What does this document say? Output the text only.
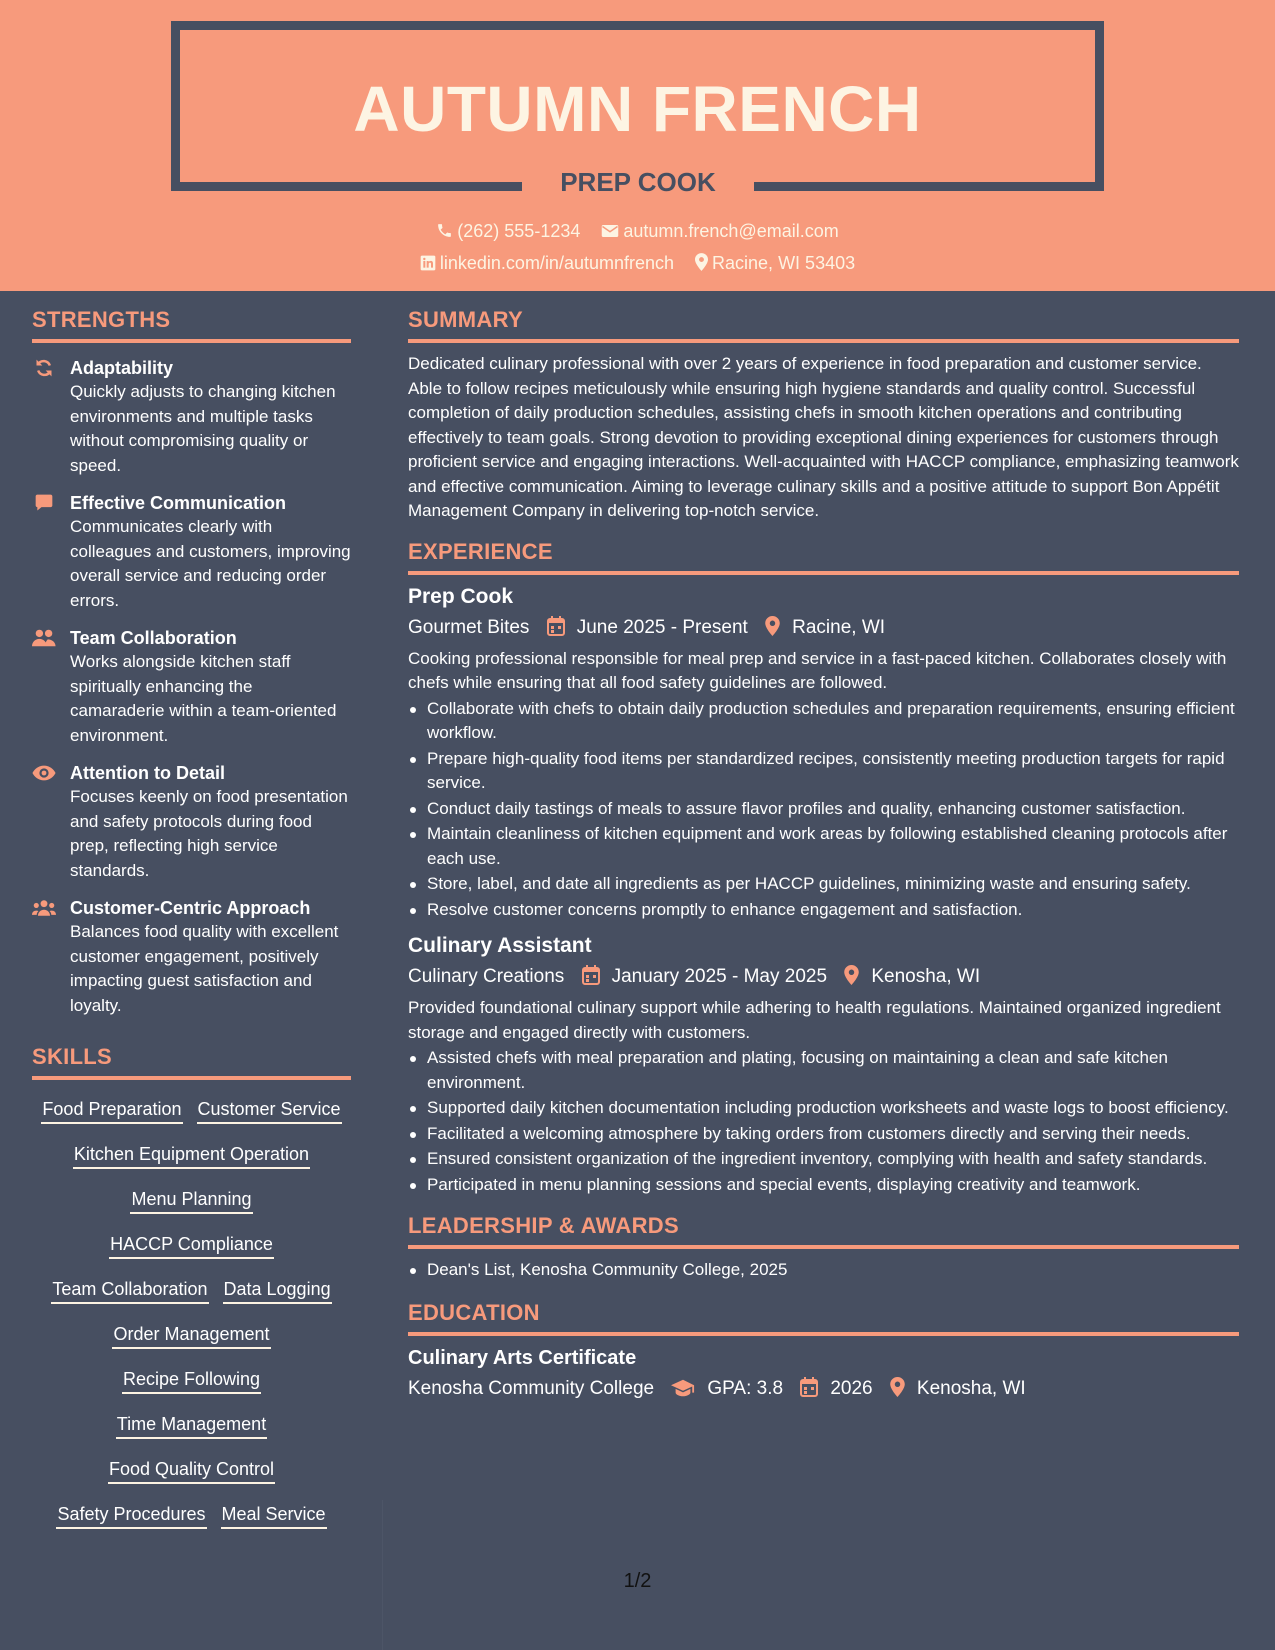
AUTUMN FRENCH
PREP COOK
(262) 555-1234 autumn.french@email.com
linkedin.com/in/autumnfrench Racine, WI 53403
STRENGTHS
Adaptability
Quickly adjusts to changing kitchen environments and multiple tasks without compromising quality or speed.
Effective Communication
Communicates clearly with colleagues and customers, improving overall service and reducing order errors.
Team Collaboration
Works alongside kitchen staff spiritually enhancing the camaraderie within a team-oriented environment.
Attention to Detail
Focuses keenly on food presentation and safety protocols during food prep, reflecting high service standards.
Customer-Centric Approach
Balances food quality with excellent customer engagement, positively impacting guest satisfaction and loyalty.
SKILLS
Food Preparation Customer Service
Kitchen Equipment Operation
Menu Planning
HACCP Compliance
Team Collaboration Data Logging
Order Management
Recipe Following
Time Management
Food Quality Control
Safety Procedures Meal Service
SUMMARY
Dedicated culinary professional with over 2 years of experience in food preparation and customer service. Able to follow recipes meticulously while ensuring high hygiene standards and quality control. Successful completion of daily production schedules, assisting chefs in smooth kitchen operations and contributing effectively to team goals. Strong devotion to providing exceptional dining experiences for customers through proficient service and engaging interactions. Well-acquainted with HACCP compliance, emphasizing teamwork and effective communication. Aiming to leverage culinary skills and a positive attitude to support Bon Appétit Management Company in delivering top-notch service.
EXPERIENCE
Prep Cook
Gourmet Bites June 2025 - Present Racine, WI
Cooking professional responsible for meal prep and service in a fast-paced kitchen. Collaborates closely with chefs while ensuring that all food safety guidelines are followed.
Collaborate with chefs to obtain daily production schedules and preparation requirements, ensuring efficient workflow.
Prepare high-quality food items per standardized recipes, consistently meeting production targets for rapid service.
Conduct daily tastings of meals to assure flavor profiles and quality, enhancing customer satisfaction.
Maintain cleanliness of kitchen equipment and work areas by following established cleaning protocols after each use.
Store, label, and date all ingredients as per HACCP guidelines, minimizing waste and ensuring safety.
Resolve customer concerns promptly to enhance engagement and satisfaction.
Culinary Assistant
Culinary Creations January 2025 - May 2025 Kenosha, WI
Provided foundational culinary support while adhering to health regulations. Maintained organized ingredient storage and engaged directly with customers.
Assisted chefs with meal preparation and plating, focusing on maintaining a clean and safe kitchen environment.
Supported daily kitchen documentation including production worksheets and waste logs to boost efficiency.
Facilitated a welcoming atmosphere by taking orders from customers directly and serving their needs.
Ensured consistent organization of the ingredient inventory, complying with health and safety standards.
Participated in menu planning sessions and special events, displaying creativity and teamwork.
LEADERSHIP & AWARDS
Dean's List, Kenosha Community College, 2025
EDUCATION
Culinary Arts Certificate
Kenosha Community College	GPA: 3.8 2026 Kenosha, WI
1/2
